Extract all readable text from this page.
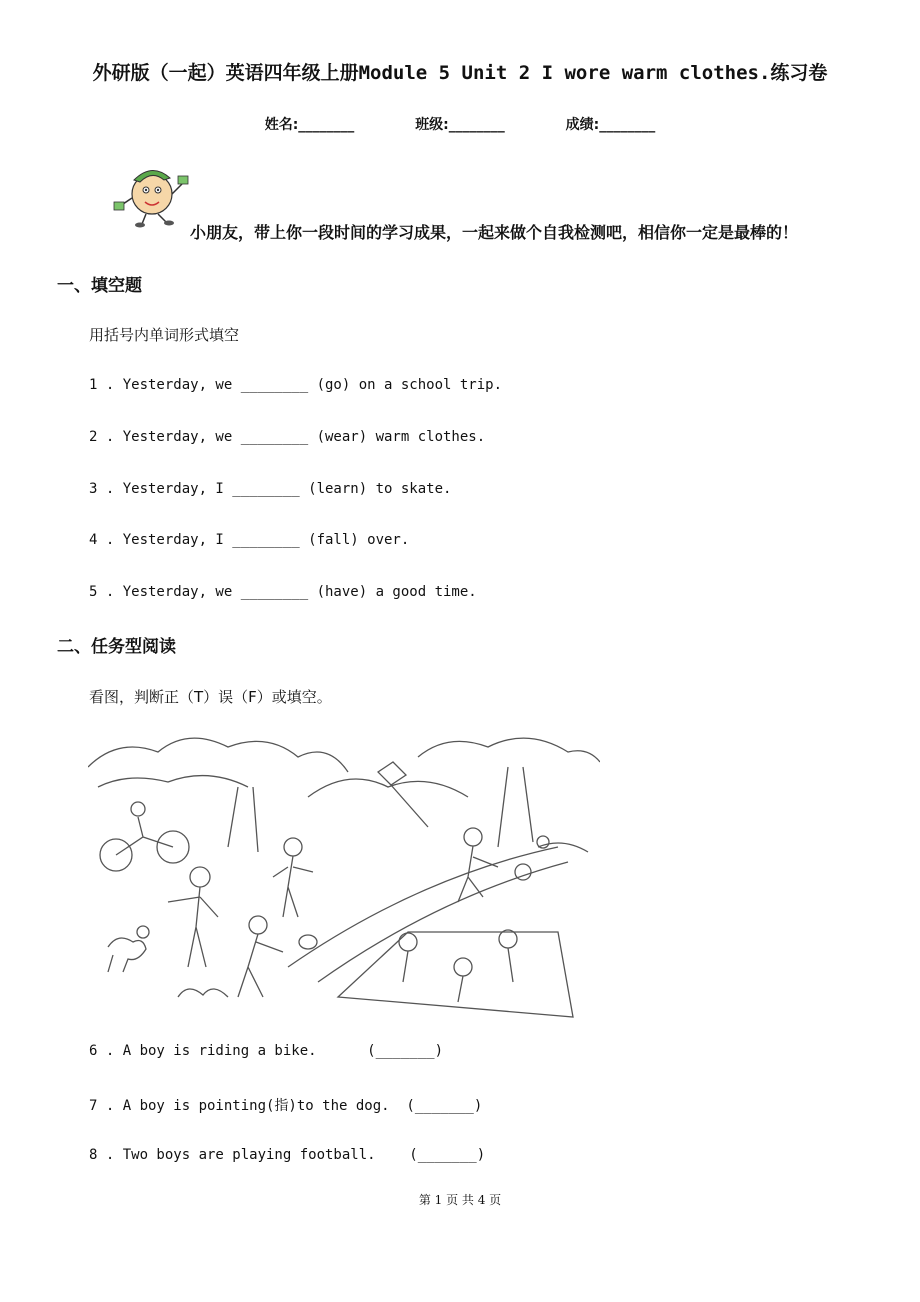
外研版（一起）英语四年级上册Module 5 Unit 2 I wore warm clothes.练习卷
姓名:________	班级:________	成绩:________
小朋友，带上你一段时间的学习成果，一起来做个自我检测吧，相信你一定是最棒的！
一、填空题
用括号内单词形式填空
1 . Yesterday, we ________ (go) on a school trip.
2 . Yesterday, we ________ (wear) warm clothes.
3 . Yesterday, I ________ (learn) to skate.
4 . Yesterday, I ________ (fall) over.
5 . Yesterday, we ________ (have) a good time.
二、任务型阅读
看图，判断正（T）误（F）或填空。
6 . A boy is riding a bike.      (_______)
7 . A boy is pointing(指)to the dog.  (_______)
8 . Two boys are playing football.    (_______)
第 1 页 共 4 页
